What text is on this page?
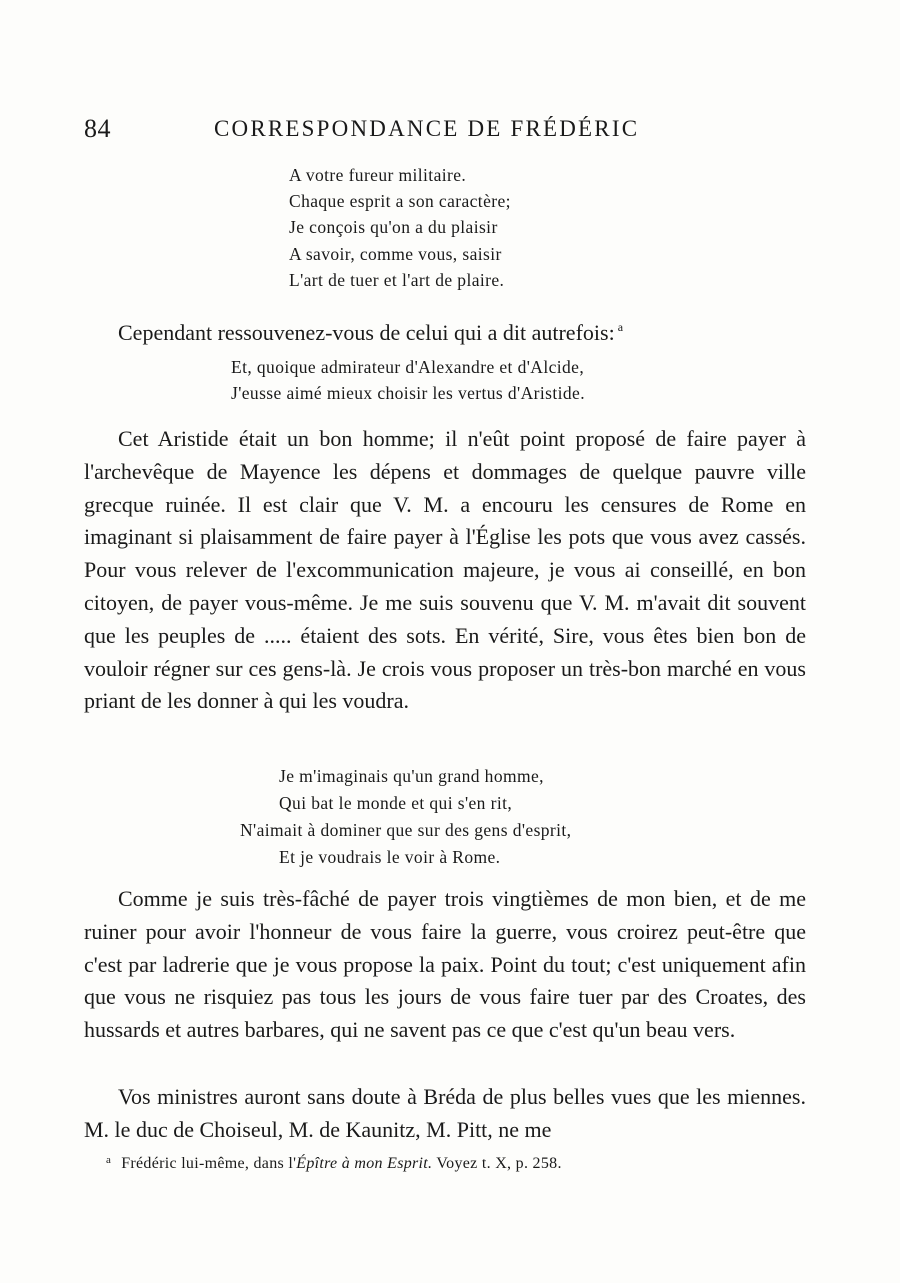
84	CORRESPONDANCE DE FRÉDÉRIC
A votre fureur militaire.
Chaque esprit a son caractère;
Je conçois qu'on a du plaisir
A savoir, comme vous, saisir
L'art de tuer et l'art de plaire.

Cependant ressouvenez-vous de celui qui a dit autrefois: $^a$

Et, quoique admirateur d'Alexandre et d'Alcide,
J'eusse aimé mieux choisir les vertus d'Aristide.

Cet Aristide était un bon homme; il n'eût point proposé de faire payer à l'archevêque de Mayence les dépens et dommages de quelque pauvre ville grecque ruinée. Il est clair que V. M. a encouru les censures de Rome en imaginant si plaisamment de faire payer à l'Église les pots que vous avez cassés. Pour vous relever de l'excommunication majeure, je vous ai conseillé, en bon citoyen, de payer vous-même. Je me suis souvenu que V. M. m'avait dit souvent que les peuples de ..... étaient des sots. En vérité, Sire, vous êtes bien bon de vouloir régner sur ces gens-là. Je crois vous proposer un très-bon marché en vous priant de les donner à qui les voudra.

Je m'imaginais qu'un grand homme,
Qui bat le monde et qui s'en rit,
N'aimait à dominer que sur des gens d'esprit,
Et je voudrais le voir à Rome.

Comme je suis très-fâché de payer trois vingtièmes de mon bien, et de me ruiner pour avoir l'honneur de vous faire la guerre, vous croirez peut-être que c'est par ladrerie que je vous propose la paix. Point du tout; c'est uniquement afin que vous ne risquiez pas tous les jours de vous faire tuer par des Croates, des hussards et autres barbares, qui ne savent pas ce que c'est qu'un beau vers.

Vos ministres auront sans doute à Bréda de plus belles vues que les miennes. M. le duc de Choiseul, M. de Kaunitz, M. Pitt, ne me

$^a$ Frédéric lui-même, dans l'Épître à mon Esprit. Voyez t. X, p. 258.
